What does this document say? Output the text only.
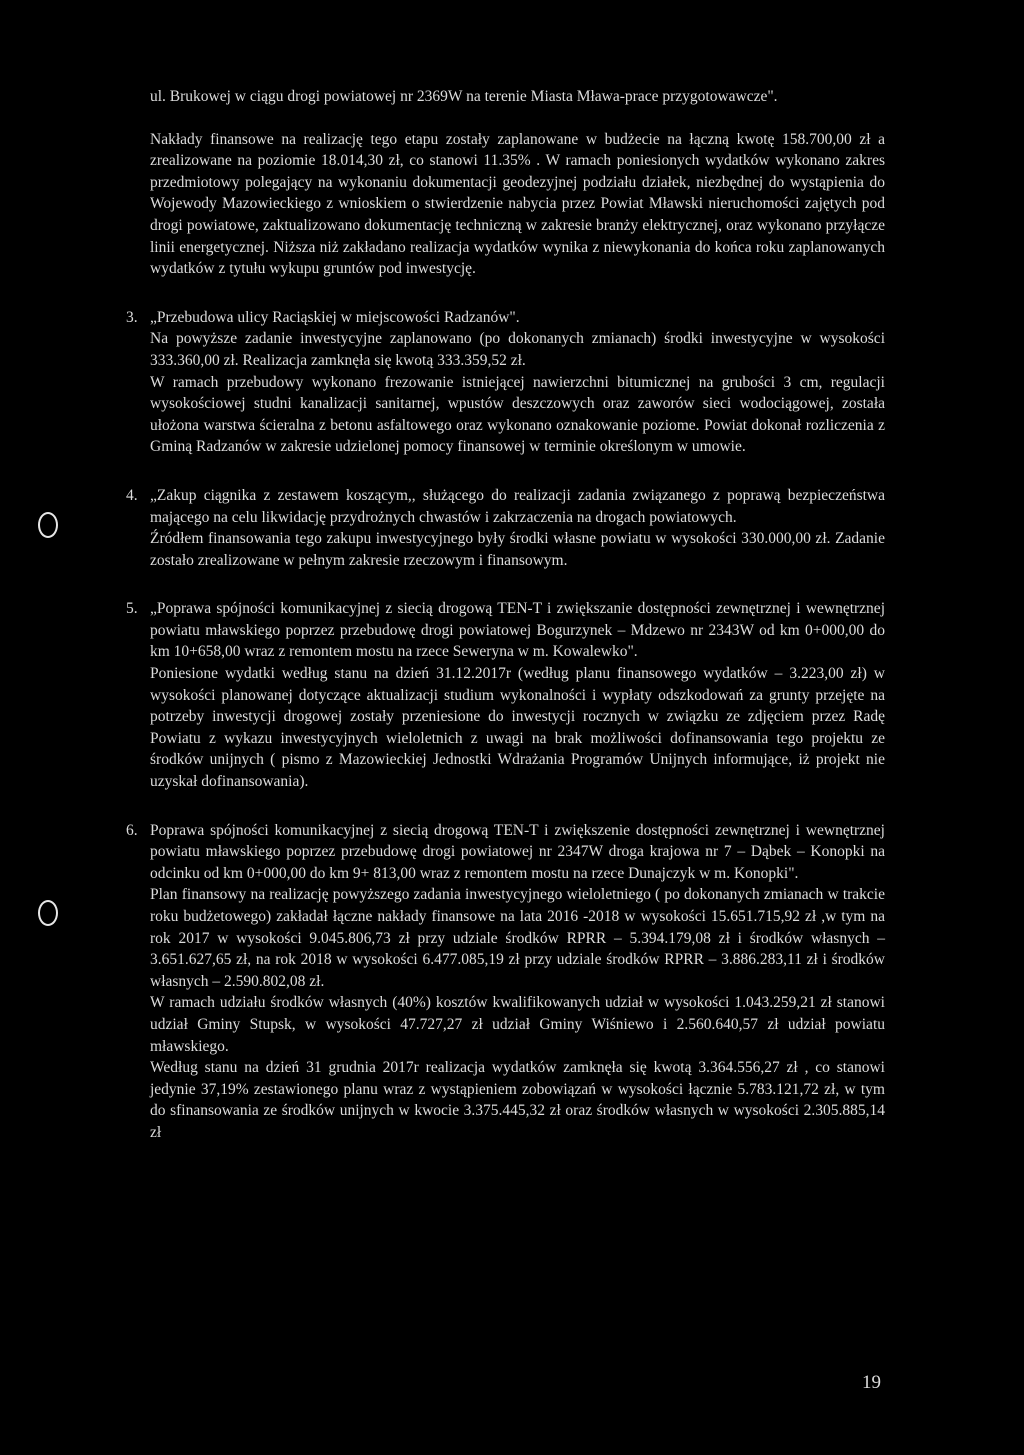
ul. Brukowej w ciągu drogi powiatowej nr 2369W na terenie Miasta Mława-prace przygotowawcze".

Nakłady finansowe na realizację tego etapu zostały zaplanowane w budżecie na łączną kwotę 158.700,00 zł a zrealizowane na poziomie 18.014,30 zł, co stanowi 11.35% . W ramach poniesionych wydatków wykonano zakres przedmiotowy polegający na wykonaniu dokumentacji geodezyjnej podziału działek, niezbędnej do wystąpienia do Wojewody Mazowieckiego z wnioskiem o stwierdzenie nabycia przez Powiat Mławski nieruchomości zajętych pod drogi powiatowe, zaktualizowano dokumentację techniczną w zakresie branży elektrycznej, oraz wykonano przyłącze linii energetycznej. Niższa niż zakładano realizacja wydatków wynika z niewykonania do końca roku zaplanowanych wydatków z tytułu wykupu gruntów pod inwestycję.

3. „Przebudowa ulicy Raciąskiej w miejscowości Radzanów".

Na powyższe zadanie inwestycyjne zaplanowano (po dokonanych zmianach) środki inwestycyjne w wysokości 333.360,00 zł. Realizacja zamknęła się kwotą 333.359,52 zł.

W ramach przebudowy wykonano frezowanie istniejącej nawierzchni bitumicznej na grubości 3 cm, regulacji wysokościowej studni kanalizacji sanitarnej, wpustów deszczowych oraz zaworów sieci wodociągowej, została ułożona warstwa ścieralna z betonu asfaltowego oraz wykonano oznakowanie poziome. Powiat dokonał rozliczenia z Gminą Radzanów w zakresie udzielonej pomocy finansowej w terminie określonym w umowie.

4. „Zakup ciągnika z zestawem koszącym,, służącego do realizacji zadania związanego z poprawą bezpieczeństwa mającego na celu likwidację przydrożnych chwastów i zakrzaczenia na drogach powiatowych.

Źródłem finansowania tego zakupu inwestycyjnego były środki własne powiatu w wysokości 330.000,00 zł. Zadanie zostało zrealizowane w pełnym zakresie rzeczowym i finansowym.

5. „Poprawa spójności komunikacyjnej z siecią drogową TEN-T i zwiększanie dostępności zewnętrznej i wewnętrznej powiatu mławskiego poprzez przebudowę drogi powiatowej Bogurzynek – Mdzewo nr 2343W od km 0+000,00 do km 10+658,00 wraz z remontem mostu na rzece Seweryna w m. Kowalewko".

Poniesione wydatki według stanu na dzień 31.12.2017r (według planu finansowego wydatków – 3.223,00 zł) w wysokości planowanej dotyczące aktualizacji studium wykonalności i wypłaty odszkodowań za grunty przejęte na potrzeby inwestycji drogowej zostały przeniesione do inwestycji rocznych w związku ze zdjęciem przez Radę Powiatu z wykazu inwestycyjnych wieloletnich z uwagi na brak możliwości dofinansowania tego projektu ze środków unijnych ( pismo z Mazowieckiej Jednostki Wdrażania Programów Unijnych informujące, iż projekt nie uzyskał dofinansowania).

6. Poprawa spójności komunikacyjnej z siecią drogową TEN-T i zwiększenie dostępności zewnętrznej i wewnętrznej powiatu mławskiego poprzez przebudowę drogi powiatowej nr 2347W droga krajowa nr 7 – Dąbek – Konopki na odcinku od km 0+000,00 do km 9+ 813,00 wraz z remontem mostu na rzece Dunajczyk w m. Konopki".

Plan finansowy na realizację powyższego zadania inwestycyjnego wieloletniego ( po dokonanych zmianach w trakcie roku budżetowego) zakładał łączne nakłady finansowe na lata 2016 -2018 w wysokości 15.651.715,92 zł ,w tym na rok 2017 w wysokości 9.045.806,73 zł przy udziale środków RPRR – 5.394.179,08 zł i środków własnych – 3.651.627,65 zł, na rok 2018 w wysokości 6.477.085,19 zł przy udziale środków RPRR – 3.886.283,11 zł i środków własnych – 2.590.802,08 zł.

W ramach udziału środków własnych (40%) kosztów kwalifikowanych udział w wysokości 1.043.259,21 zł stanowi udział Gminy Stupsk, w wysokości 47.727,27 zł udział Gminy Wiśniewo i 2.560.640,57 zł udział powiatu mławskiego.

Według stanu na dzień 31 grudnia 2017r realizacja wydatków zamknęła się kwotą 3.364.556,27 zł , co stanowi jedynie 37,19% zestawionego planu wraz z wystąpieniem zobowiązań w wysokości łącznie 5.783.121,72 zł, w tym do sfinansowania ze środków unijnych w kwocie 3.375.445,32 zł oraz środków własnych w wysokości 2.305.885,14 zł

19
